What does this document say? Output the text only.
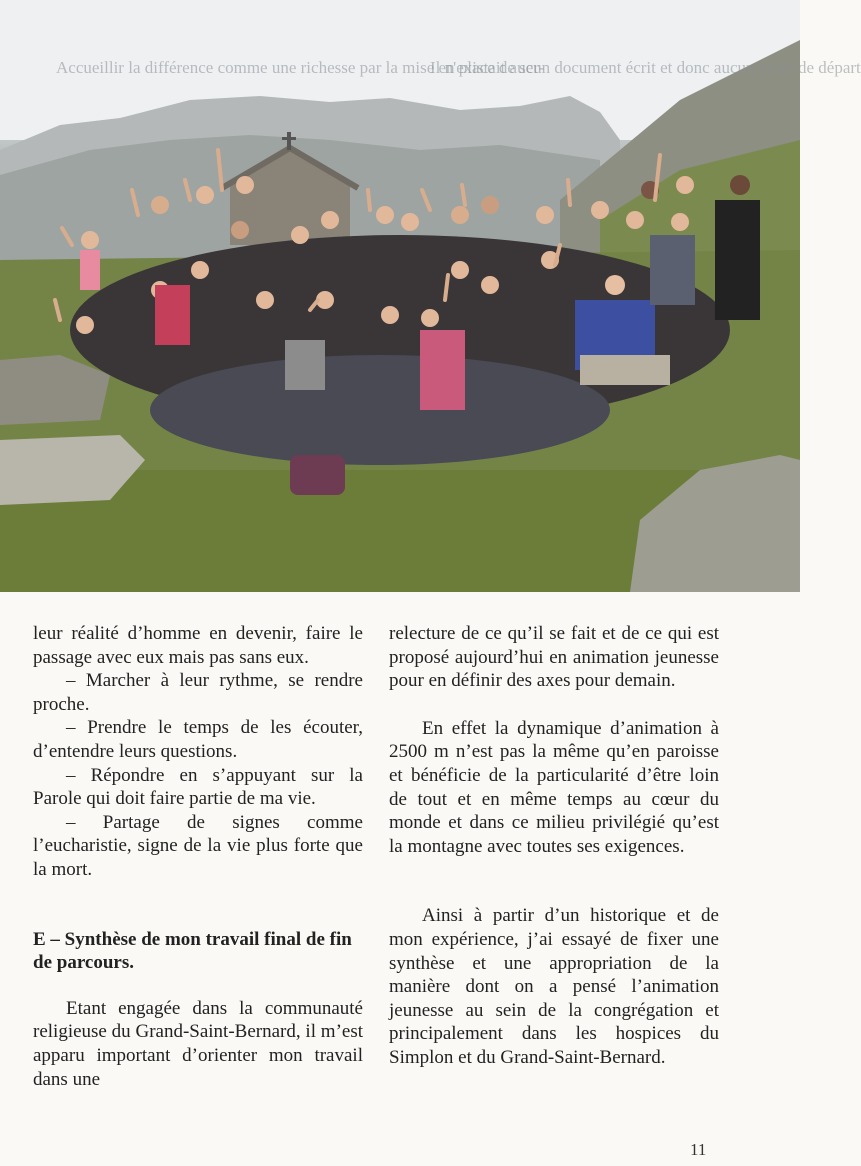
Accueillir la différence comme une richesse par la mise en place de ser-
Il n'existait aucun document écrit et donc aucun point de départ

leur réalité d’homme en devenir, faire le passage avec eux mais pas sans eux.

– Marcher à leur rythme, se rendre proche.

– Prendre le temps de les écouter, d’entendre leurs questions.

– Répondre en s’appuyant sur la Parole qui doit faire partie de ma vie.

– Partage de signes comme l’eucharistie, signe de la vie plus forte que la mort.

E – Synthèse de mon travail final de fin de parcours.

Etant engagée dans la communauté religieuse du Grand-Saint-Bernard, il m’est apparu important d’orienter mon travail dans une

relecture de ce qu’il se fait et de ce qui est proposé aujourd’hui en animation jeunesse pour en définir des axes pour demain.

En effet la dynamique d’animation à 2500 m n’est pas la même qu’en paroisse et bénéficie de la particularité d’être loin de tout et en même temps au cœur du monde et dans ce milieu privilégié qu’est la montagne avec toutes ses exigences.

Ainsi à partir d’un historique et de mon expérience, j’ai essayé de fixer une synthèse et une appropriation de la manière dont on a pensé l’animation jeunesse au sein de la congrégation et principalement dans les hospices du Simplon et du Grand-Saint-Bernard.

11
